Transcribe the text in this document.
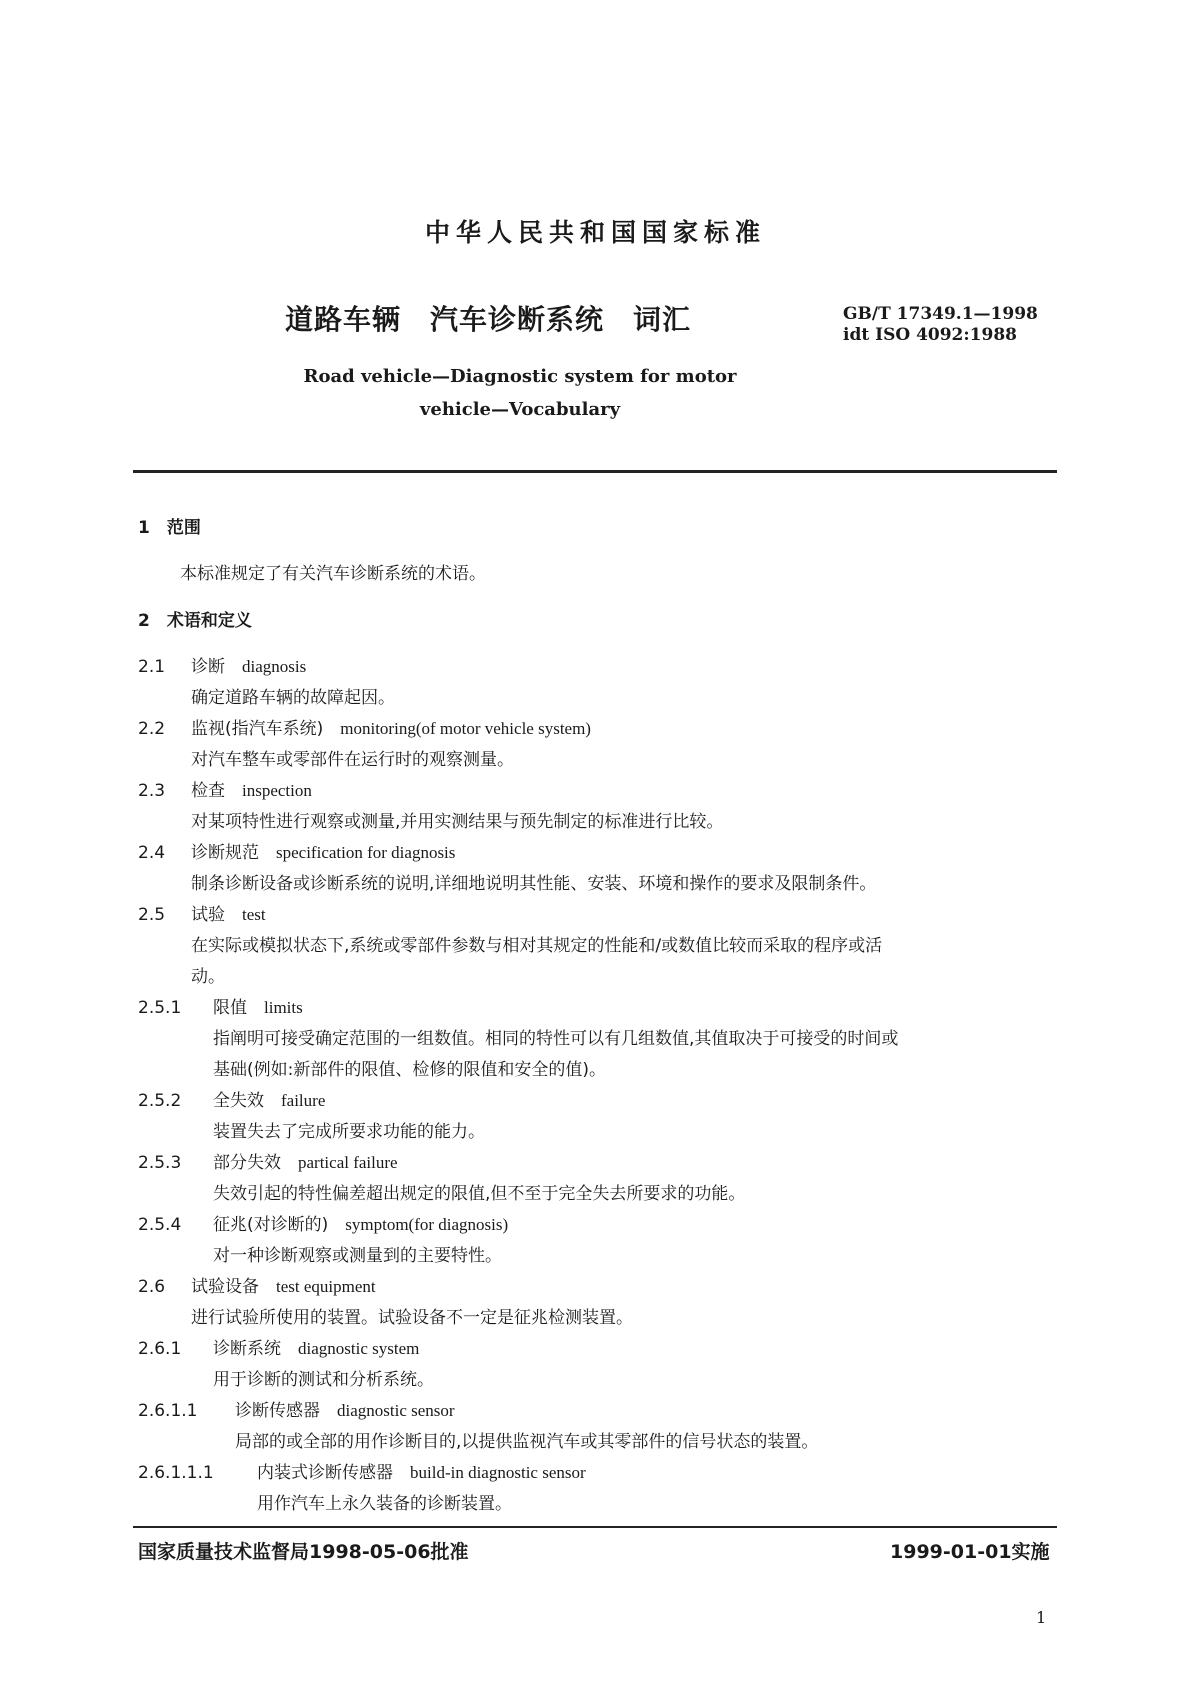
中华人民共和国国家标准
道路车辆　汽车诊断系统　词汇	GB/T 17349.1—1998
idt ISO 4092:1988
Road vehicle—Diagnostic system for motor
vehicle—Vocabulary
1　范围
本标准规定了有关汽车诊断系统的术语。
2　术语和定义
2.1 诊断　 diagnosis
确定道路车辆的故障起因。
2.2 监视(指汽车系统)　 monitoring(of motor vehicle system)
对汽车整车或零部件在运行时的观察测量。
2.3 检查　 inspection
对某项特性进行观察或测量,并用实测结果与预先制定的标准进行比较。
2.4 诊断规范　 specification for diagnosis
制条诊断设备或诊断系统的说明,详细地说明其性能、安装、环境和操作的要求及限制条件。
2.5 试验　 test
在实际或模拟状态下,系统或零部件参数与相对其规定的性能和/或数值比较而采取的程序或活
动。
2.5.1 限值　 limits
指阐明可接受确定范围的一组数值。相同的特性可以有几组数值,其值取决于可接受的时间或
基础(例如:新部件的限值、检修的限值和安全的值)。
2.5.2 全失效　 failure
装置失去了完成所要求功能的能力。
2.5.3 部分失效　 partical failure
失效引起的特性偏差超出规定的限值,但不至于完全失去所要求的功能。
2.5.4 征兆(对诊断的)　 symptom(for diagnosis)
对一种诊断观察或测量到的主要特性。
2.6 试验设备　 test equipment
进行试验所使用的装置。试验设备不一定是征兆检测装置。
2.6.1 诊断系统　 diagnostic system
用于诊断的测试和分析系统。
2.6.1.1 诊断传感器　 diagnostic sensor
局部的或全部的用作诊断目的,以提供监视汽车或其零部件的信号状态的装置。
2.6.1.1.1	内装式诊断传感器　 build-in diagnostic sensor
用作汽车上永久装备的诊断装置。
国家质量技术监督局1998-05-06批准	1999-01-01实施
1
